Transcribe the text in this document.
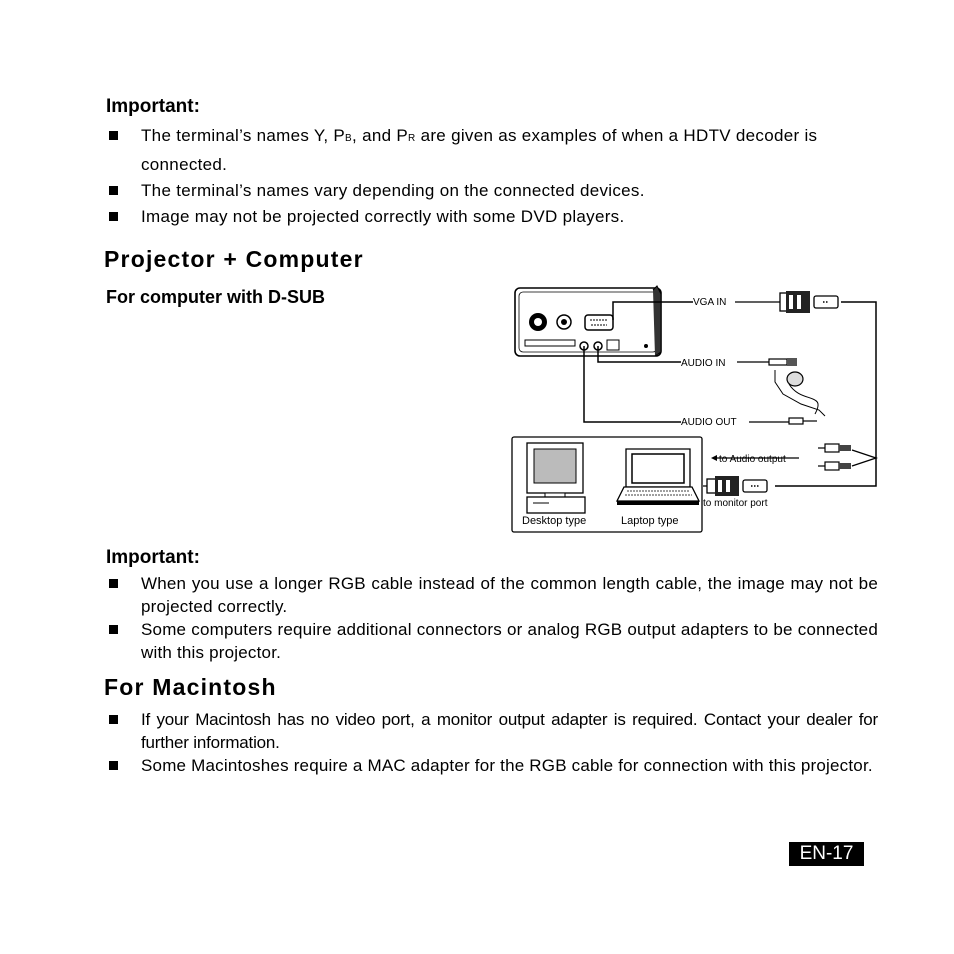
Important:
The terminal’s names Y, PB, and PR are given as examples of when a HDTV decoder is connected.
The terminal’s names vary depending on the connected devices.
Image may not be projected correctly with some DVD players.
Projector + Computer
For computer with D-SUB	VGA IN
AUDIO IN
AUDIO OUT
to Audio output
to monitor port
Desktop type	Laptop type
Important:
When you use a longer RGB cable instead of the common length cable, the image may not be projected correctly.
Some computers require additional connectors or analog RGB output adapters to be connected with this projector.
For Macintosh
If your Macintosh has no video port, a monitor output adapter is required. Contact your dealer for further information.
Some Macintoshes require a MAC adapter for the RGB cable for connection with this projector.
EN-17
